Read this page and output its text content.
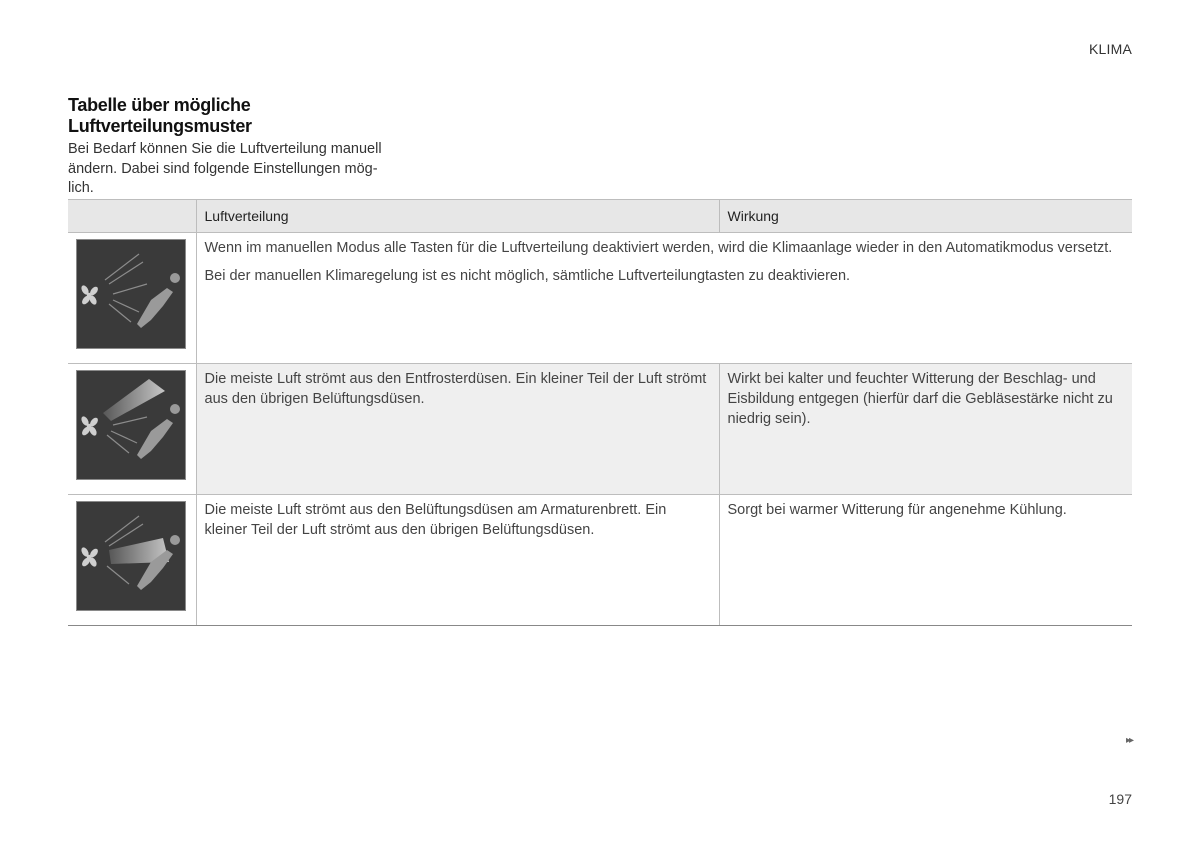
KLIMA
Tabelle über mögliche Luftverteilungsmuster
Bei Bedarf können Sie die Luftverteilung manuell ändern. Dabei sind folgende Einstellungen mög-lich.
	Luftverteilung	Wirkung

Wenn im manuellen Modus alle Tasten für die Luftverteilung deaktiviert werden, wird die Klimaanlage wieder in den Automatikmodus versetzt.
Bei der manuellen Klimaregelung ist es nicht möglich, sämtliche Luftverteilungtasten zu deaktivieren.	

	Die meiste Luft strömt aus den Entfrosterdüsen. Ein kleiner Teil der Luft strömt aus den übrigen Belüftungsdüsen.	Wirkt bei kalter und feuchter Witterung der Beschlag- und Eisbildung entgegen (hierfür darf die Gebläsestärke nicht zu niedrig sein).

	Die meiste Luft strömt aus den Belüftungsdüsen am Armaturenbrett. Ein kleiner Teil der Luft strömt aus den übrigen Belüftungsdüsen.	Sorgt bei warmer Witterung für angenehme Kühlung.
▸▸
197
